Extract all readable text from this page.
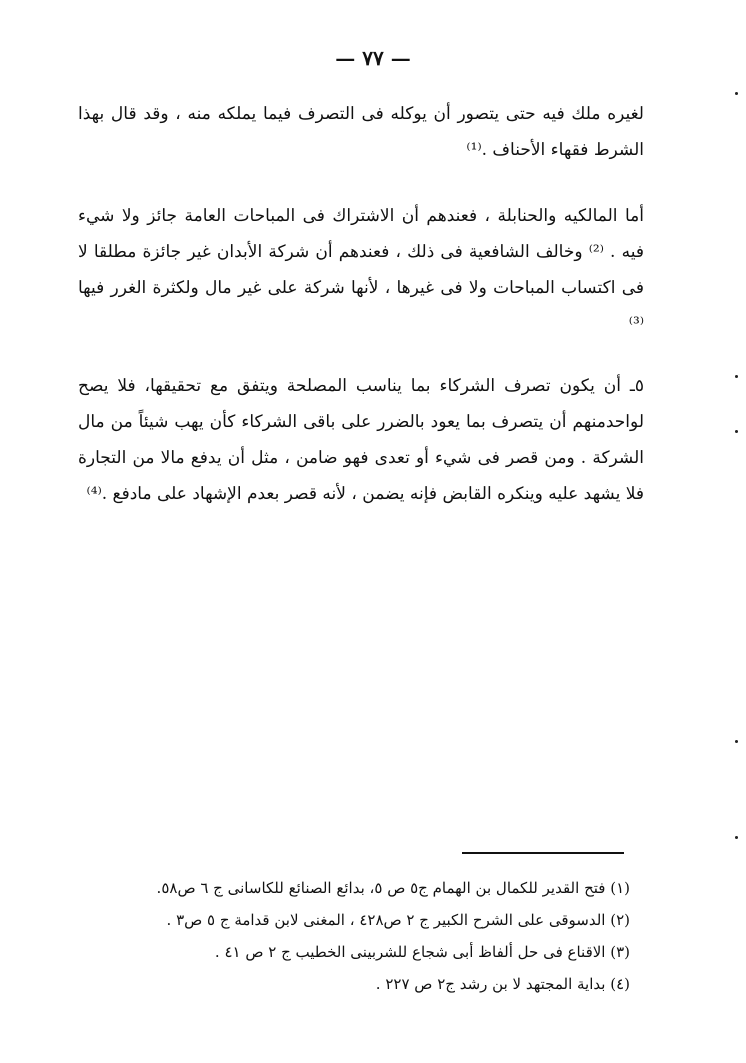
— ٧٧ —

لغيره ملك فيه حتى يتصور أن يوكله فى التصرف فيما يملكه منه ، وقد قال بهذا الشرط فقهاء الأحناف .⁽¹⁾

أما المالكيه والحنابلة ، فعندهم أن الاشتراك فى المباحات العامة جائز ولا شيء فيه . ⁽²⁾ وخالف الشافعية فى ذلك ، فعندهم أن شركة الأبدان غير جائزة مطلقا لا فى اكتساب المباحات ولا فى غيرها ، لأنها شركة على غير مال ولكثرة الغرر فيها ⁽³⁾

٥ـ أن يكون تصرف الشركاء بما يناسب المصلحة ويتفق مع تحقيقها، فلا يصح لواحدمنهم أن يتصرف بما يعود بالضرر على باقى الشركاء كأن يهب شيئاً من مال الشركة . ومن قصر فى شيء أو تعدى فهو ضامن ، مثل أن يدفع مالا من التجارة فلا يشهد عليه وينكره القابض فإنه يضمن ، لأنه قصر بعدم الإشهاد على مادفع .⁽⁴⁾

(١) فتح القدير للكمال بن الهمام ج٥ ص ٥، بدائع الصنائع للكاسانى ج ٦ ص٥٨.
(٢) الدسوقى على الشرح الكبير ج ٢ ص٤٢٨ ، المغنى لابن قدامة ج ٥ ص٣ .
(٣) الاقناع فى حل ألفاظ أبى شجاع للشربينى الخطيب ج ٢ ص ٤١ .
(٤) بداية المجتهد لا بن رشد ج٢ ص ٢٢٧ .
